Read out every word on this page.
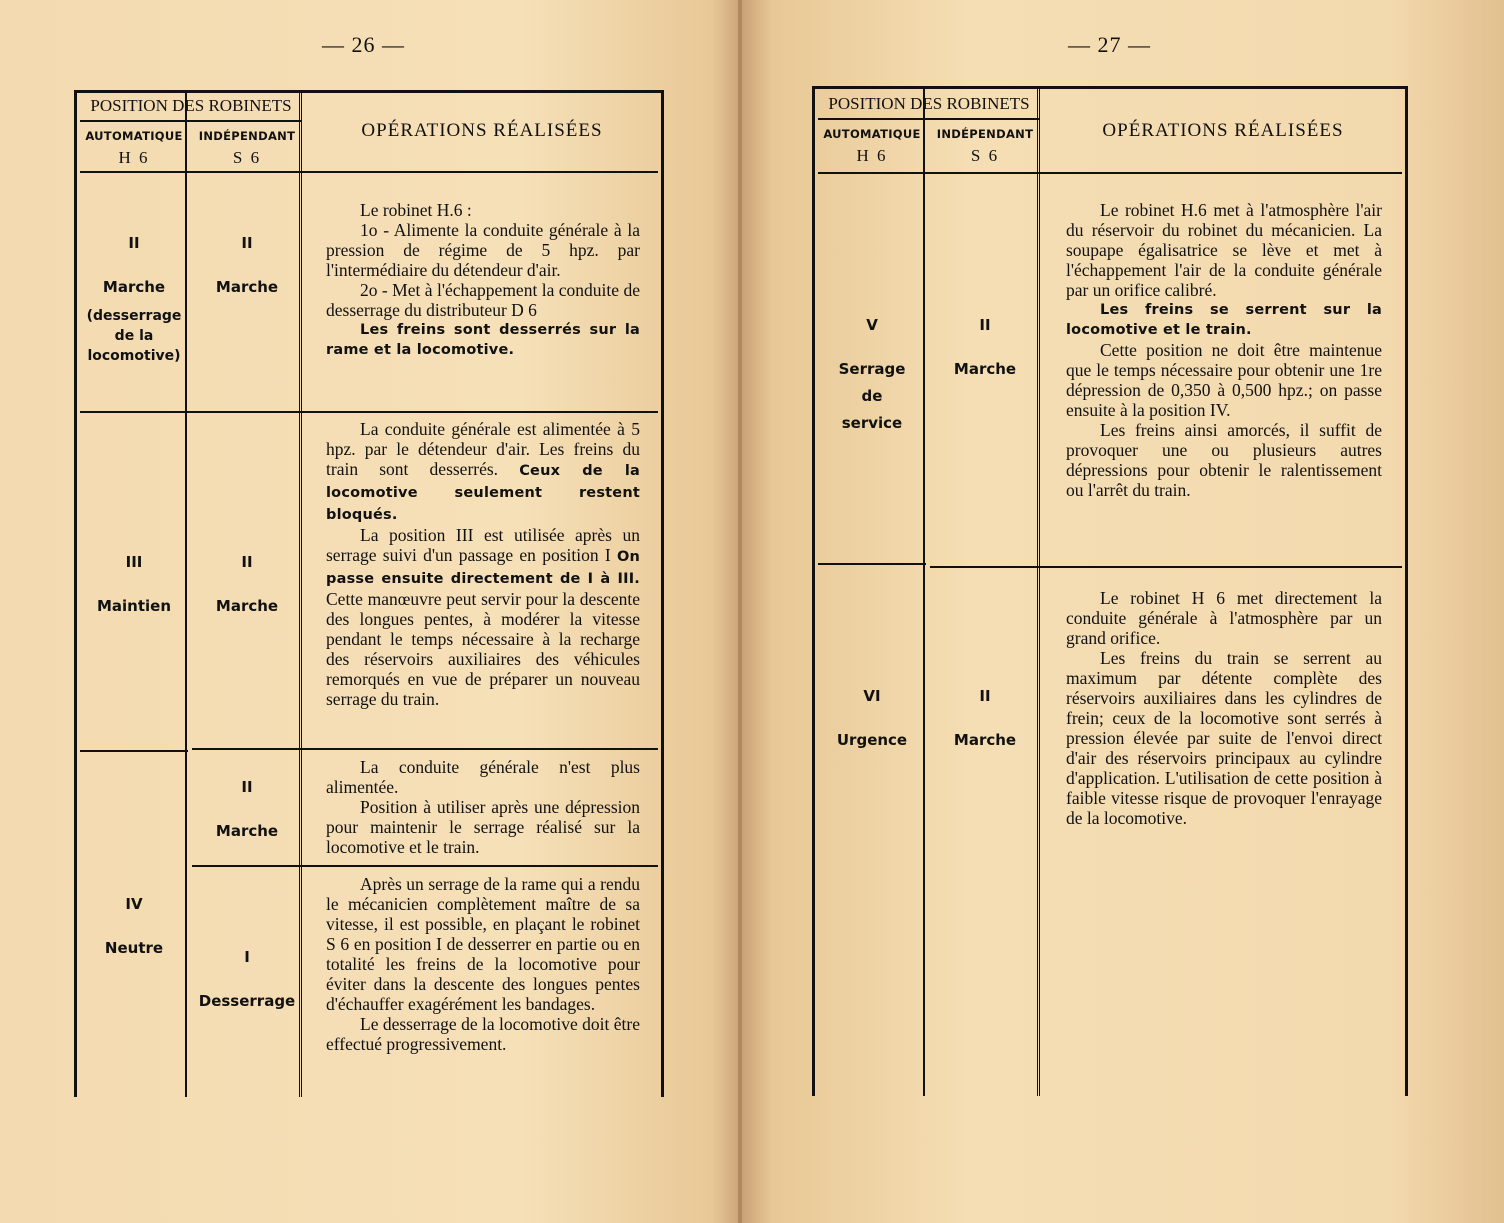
— 26 —
POSITION DES ROBINETS
AUTOMATIQUE
H 6
INDÉPENDANT
S 6
OPÉRATIONS RÉALISÉES
II
Marche
(desserrage
de la
locomotive)
II
Marche

Le robinet H.6 :

1o - Alimente la conduite générale à la pression de régime de 5 hpz. par l'intermédiaire du détendeur d'air.

2o - Met à l'échappement la conduite de desserrage du distributeur D 6

Les freins sont desserrés sur la rame et la locomotive.

III
Maintien
II
Marche

La conduite générale est alimentée à 5 hpz. par le détendeur d'air. Les freins du train sont desserrés. Ceux de la locomotive seulement restent bloqués.

La position III est utilisée après un serrage suivi d'un passage en position I On passe ensuite directement de I à III. Cette manœuvre peut servir pour la descente des longues pentes, à modérer la vitesse pendant le temps nécessaire à la recharge des réservoirs auxiliaires des véhicules remorqués en vue de préparer un nouveau serrage du train.

IV
Neutre
II
Marche

La conduite générale n'est plus alimentée.

Position à utiliser après une dépression pour maintenir le serrage réalisé sur la locomotive et le train.

I
Desserrage

Après un serrage de la rame qui a rendu le mécanicien complètement maître de sa vitesse, il est possible, en plaçant le robinet S 6 en position I de desserrer en partie ou en totalité les freins de la locomotive pour éviter dans la descente des longues pentes d'échauffer exagérément les bandages.

Le desserrage de la locomotive doit être effectué progressivement.

— 27 —
POSITION DES ROBINETS
AUTOMATIQUE
H 6
INDÉPENDANT
S 6
OPÉRATIONS RÉALISÉES
V
Serrage
de
service
II
Marche

Le robinet H.6 met à l'atmosphère l'air du réservoir du robinet du mécanicien. La soupape égalisatrice se lève et met à l'échappement l'air de la conduite générale par un orifice calibré.

Les freins se serrent sur la locomotive et le train.

Cette position ne doit être maintenue que le temps nécessaire pour obtenir une 1re dépression de 0,350 à 0,500 hpz.; on passe ensuite à la position IV.

Les freins ainsi amorcés, il suffit de provoquer une ou plusieurs autres dépressions pour obtenir le ralentissement ou l'arrêt du train.

VI
Urgence
II
Marche

Le robinet H 6 met directement la conduite générale à l'atmosphère par un grand orifice.

Les freins du train se serrent au maximum par détente complète des réservoirs auxiliaires dans les cylindres de frein; ceux de la locomotive sont serrés à pression élevée par suite de l'envoi direct d'air des réservoirs principaux au cylindre d'application. L'utilisation de cette position à faible vitesse risque de provoquer l'enrayage de la locomotive.
